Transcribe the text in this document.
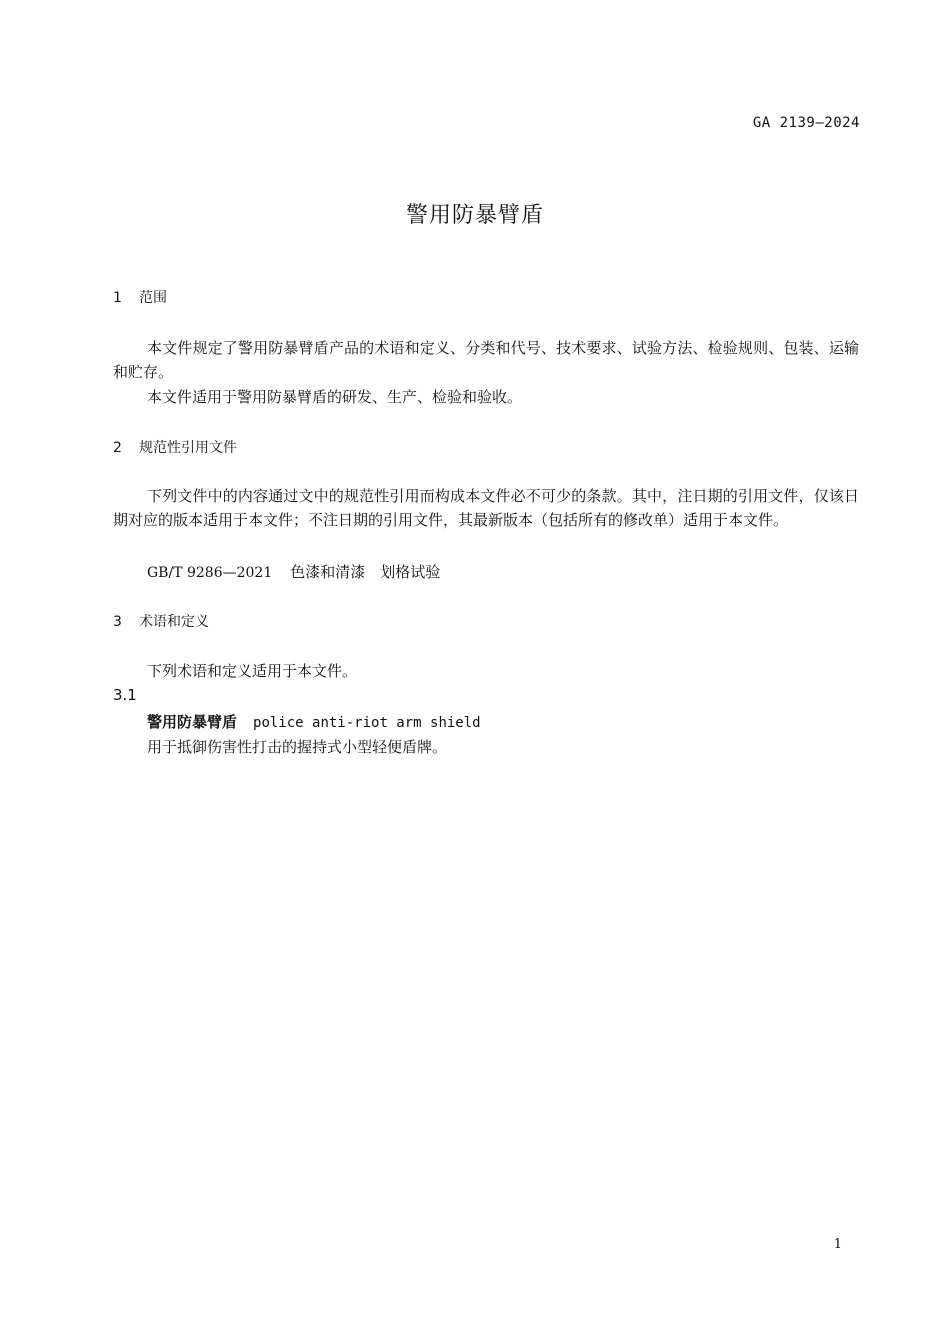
GA 2139—2024
警用防暴臂盾
1 范围
本文件规定了警用防暴臂盾产品的术语和定义、分类和代号、技术要求、试验方法、检验规则、包装、运输和贮存。
本文件适用于警用防暴臂盾的研发、生产、检验和验收。
2 规范性引用文件
下列文件中的内容通过文中的规范性引用而构成本文件必不可少的条款。其中，注日期的引用文件，仅该日期对应的版本适用于本文件；不注日期的引用文件，其最新版本（包括所有的修改单）适用于本文件。
GB/T 9286—2021 色漆和清漆　划格试验
3 术语和定义
下列术语和定义适用于本文件。
3.1
警用防暴臂盾 police anti-riot arm shield
用于抵御伤害性打击的握持式小型轻便盾牌。
1
